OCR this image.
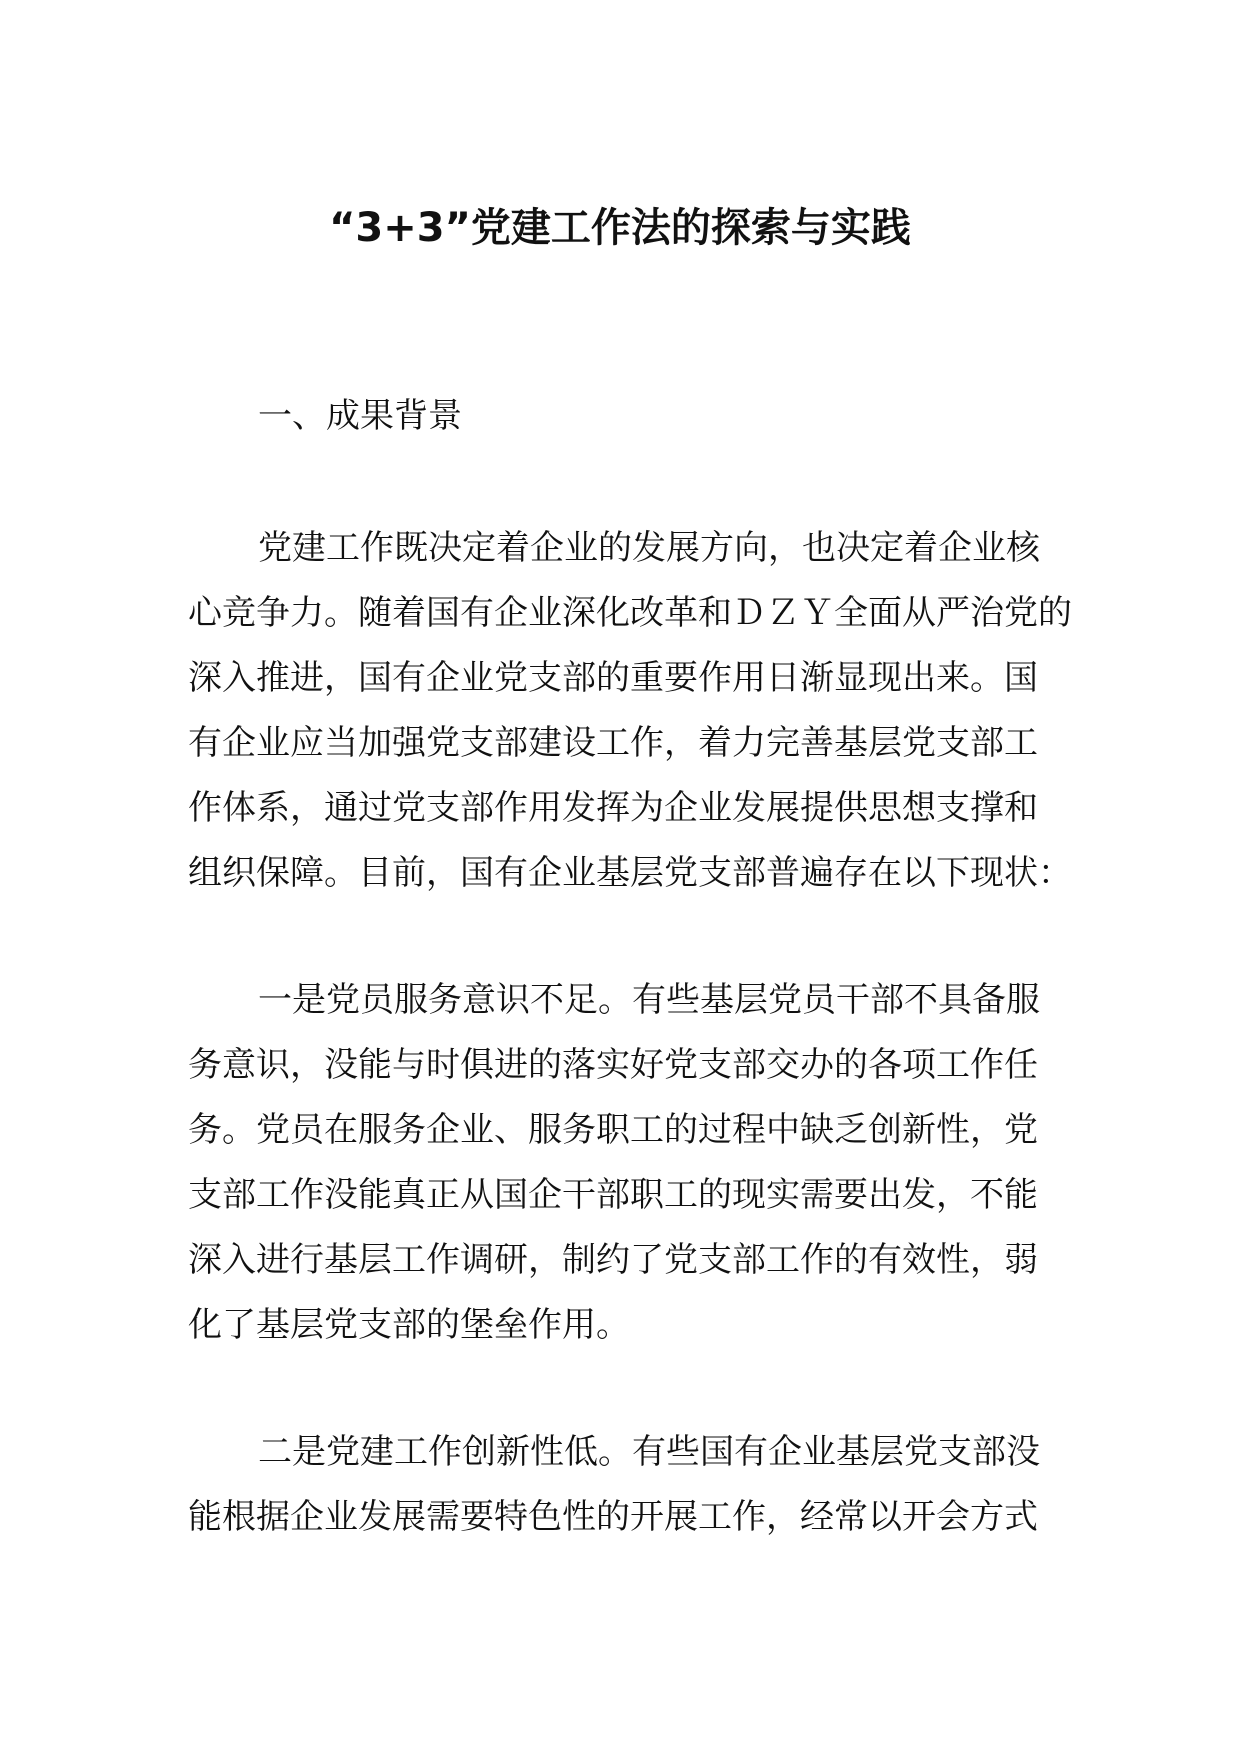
“3+3”党建工作法的探索与实践
一、成果背景
党建工作既决定着企业的发展方向，也决定着企业核
心竞争力。随着国有企业深化改革和ＤＺＹ全面从严治党的
深入推进，国有企业党支部的重要作用日渐显现出来。国
有企业应当加强党支部建设工作，着力完善基层党支部工
作体系，通过党支部作用发挥为企业发展提供思想支撑和
组织保障。目前，国有企业基层党支部普遍存在以下现状：
一是党员服务意识不足。有些基层党员干部不具备服
务意识，没能与时俱进的落实好党支部交办的各项工作任
务。党员在服务企业、服务职工的过程中缺乏创新性，党
支部工作没能真正从国企干部职工的现实需要出发，不能
深入进行基层工作调研，制约了党支部工作的有效性，弱
化了基层党支部的堡垒作用。
二是党建工作创新性低。有些国有企业基层党支部没
能根据企业发展需要特色性的开展工作，经常以开会方式
